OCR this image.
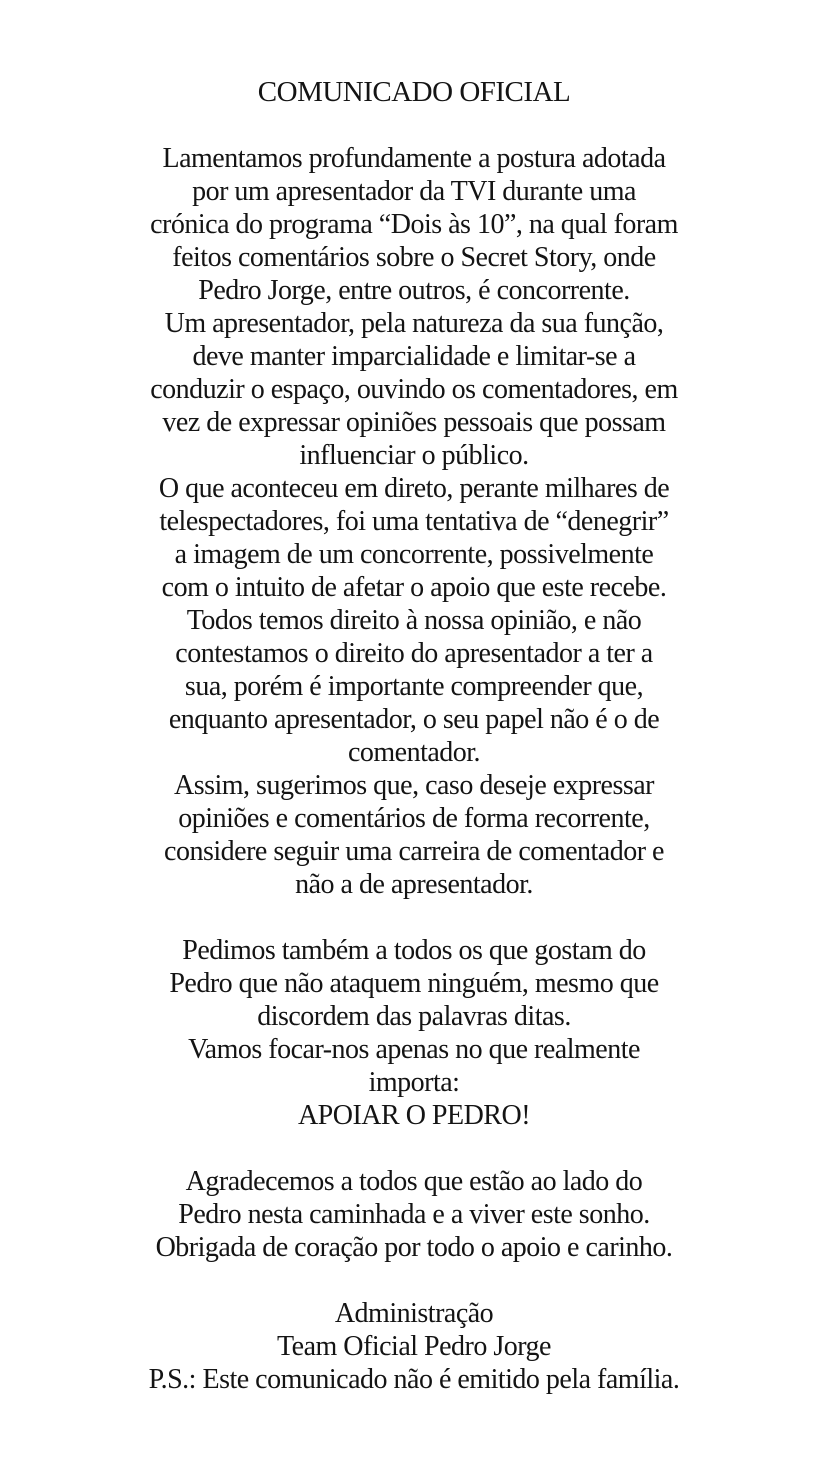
COMUNICADO OFICIAL
Lamentamos profundamente a postura adotada
por um apresentador da TVI durante uma
crónica do programa “Dois às 10”, na qual foram
feitos comentários sobre o Secret Story, onde
Pedro Jorge, entre outros, é concorrente.
Um apresentador, pela natureza da sua função,
deve manter imparcialidade e limitar-se a
conduzir o espaço, ouvindo os comentadores, em
vez de expressar opiniões pessoais que possam
influenciar o público.
O que aconteceu em direto, perante milhares de
telespectadores, foi uma tentativa de “denegrir”
a imagem de um concorrente, possivelmente
com o intuito de afetar o apoio que este recebe.
Todos temos direito à nossa opinião, e não
contestamos o direito do apresentador a ter a
sua, porém é importante compreender que,
enquanto apresentador, o seu papel não é o de
comentador.
Assim, sugerimos que, caso deseje expressar
opiniões e comentários de forma recorrente,
considere seguir uma carreira de comentador e
não a de apresentador.
Pedimos também a todos os que gostam do
Pedro que não ataquem ninguém, mesmo que
discordem das palavras ditas.
Vamos focar-nos apenas no que realmente
importa:
APOIAR O PEDRO!
Agradecemos a todos que estão ao lado do
Pedro nesta caminhada e a viver este sonho.
Obrigada de coração por todo o apoio e carinho.
Administração
Team Oficial Pedro Jorge
P.S.: Este comunicado não é emitido pela família.
